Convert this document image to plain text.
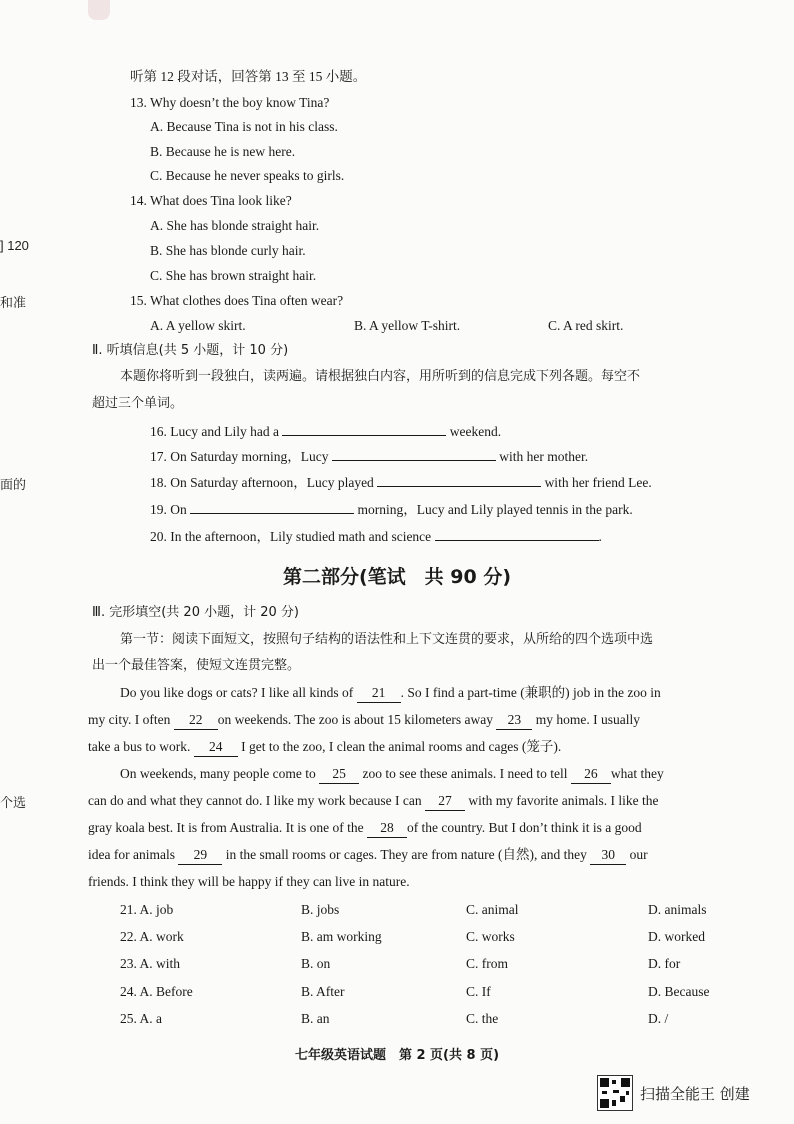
] 120
和准
面的
个选
听第 12 段对话，回答第 13 至 15 小题。
13. Why doesn’t the boy know Tina?
A. Because Tina is not in his class.
B. Because he is new here.
C. Because he never speaks to girls.
14. What does Tina look like?
A. She has blonde straight hair.
B. She has blonde curly hair.
C. She has brown straight hair.
15. What clothes does Tina often wear?
A. A yellow skirt.	B. A yellow T-shirt.	C. A red skirt.
Ⅱ. 听填信息(共 5 小题，计 10 分)
本题你将听到一段独白，读两遍。请根据独白内容，用所听到的信息完成下列各题。每空不
超过三个单词。
16. Lucy and Lily had a	weekend.
17. On Saturday morning，Lucy	with her mother.
18. On Saturday afternoon，Lucy played	with her friend Lee.
19. On	morning，Lucy and Lily played tennis in the park.
20. In the afternoon，Lily studied math and science	.
第二部分(笔试　共 90 分)
Ⅲ. 完形填空(共 20 小题，计 20 分)
第一节：阅读下面短文，按照句子结构的语法性和上下文连贯的要求，从所给的四个选项中选
出一个最佳答案，使短文连贯完整。
Do you like dogs or cats? I like all kinds of 21 . So I find a part-time (兼职的) job in the zoo in
my city. I often 22 on weekends. The zoo is about 15 kilometers away 23 my home. I usually
take a bus to work. 24 I get to the zoo, I clean the animal rooms and cages (笼子).
On weekends, many people come to 25 zoo to see these animals. I need to tell 26 what they
can do and what they cannot do. I like my work because I can 27 with my favorite animals. I like the
gray koala best. It is from Australia. It is one of the 28 of the country. But I don’t think it is a good
idea for animals 29 in the small rooms or cages. They are from nature (自然), and they 30 our
friends. I think they will be happy if they can live in nature.
21. A. job	B. jobs	C. animal	D. animals
22. A. work	B. am working	C. works	D. worked
23. A. with	B. on	C. from	D. for
24. A. Before	B. After	C. If	D. Because
25. A. a	B. an	C. the	D. /
七年级英语试题　第 2 页(共 8 页)
扫描全能王 创建
